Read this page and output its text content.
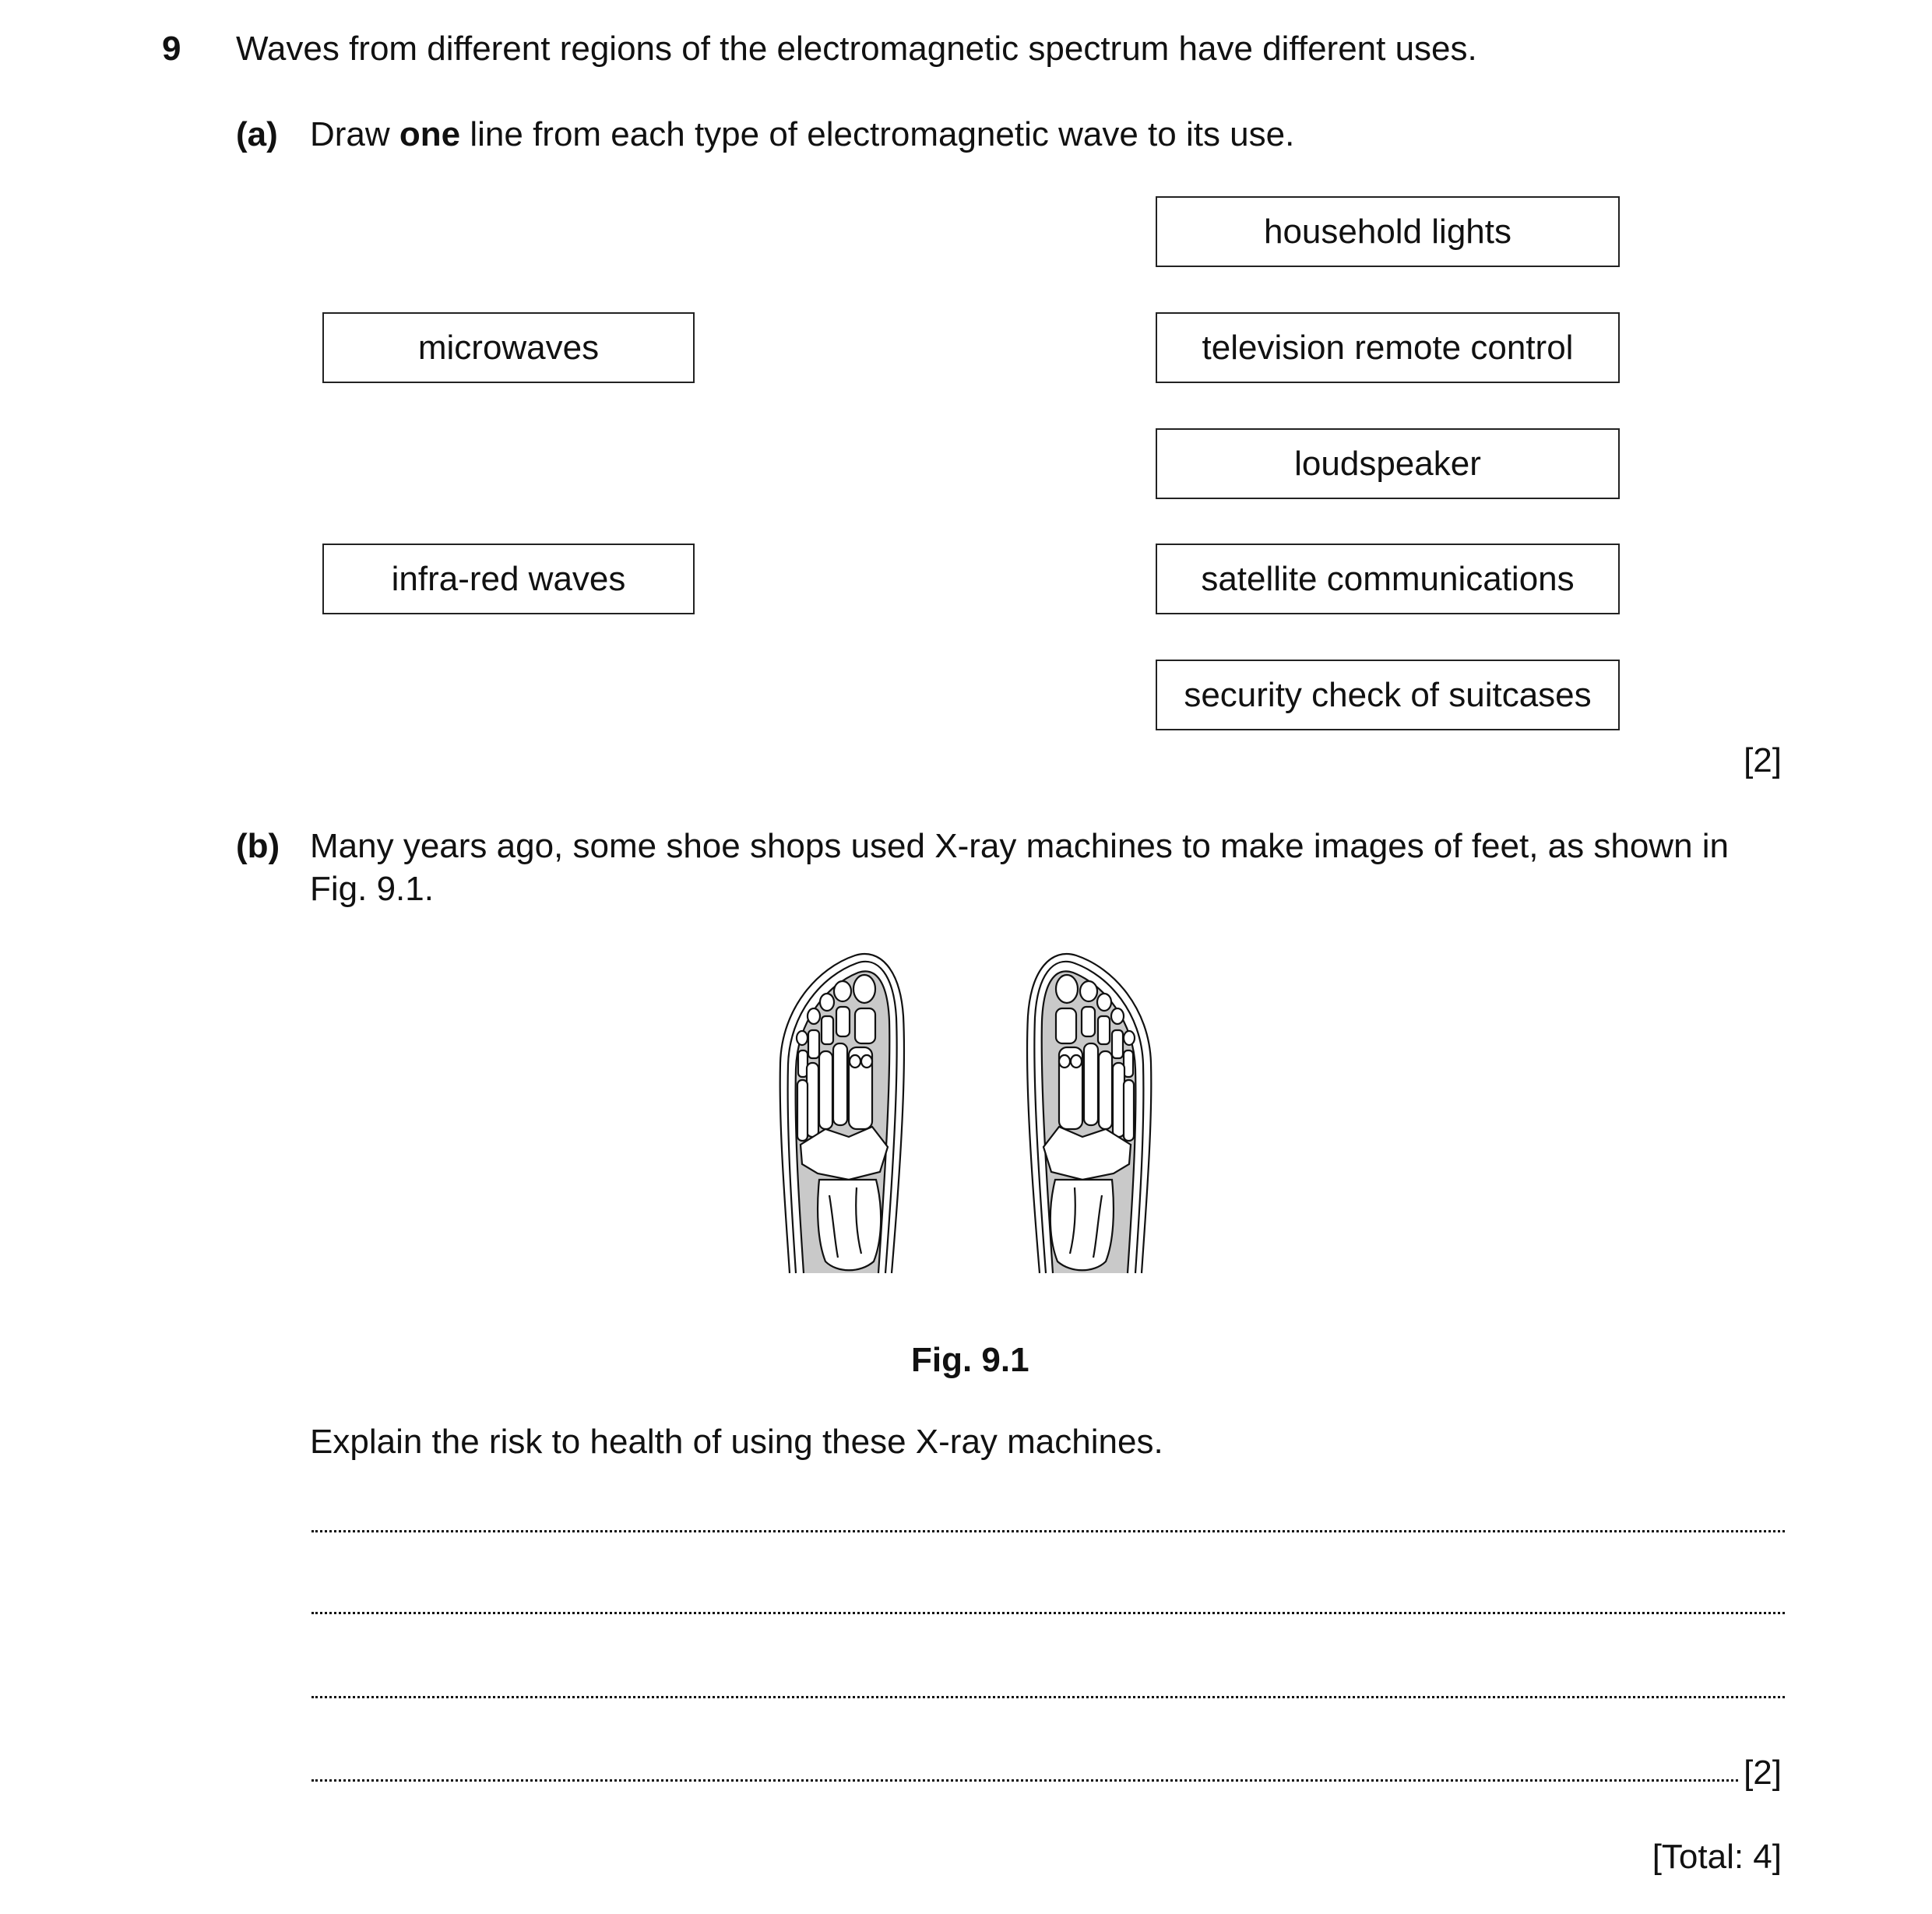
9 Waves from different regions of the electromagnetic spectrum have different uses.
(a) Draw one line from each type of electromagnetic wave to its use.
microwaves
infra-red waves
household lights
television remote control
loudspeaker
satellite communications
security check of suitcases
[2]
(b) Many years ago, some shoe shops used X-ray machines to make images of feet, as shown in
Fig. 9.1.
Fig. 9.1
Explain the risk to health of using these X-ray machines.
[2]
[Total: 4]
